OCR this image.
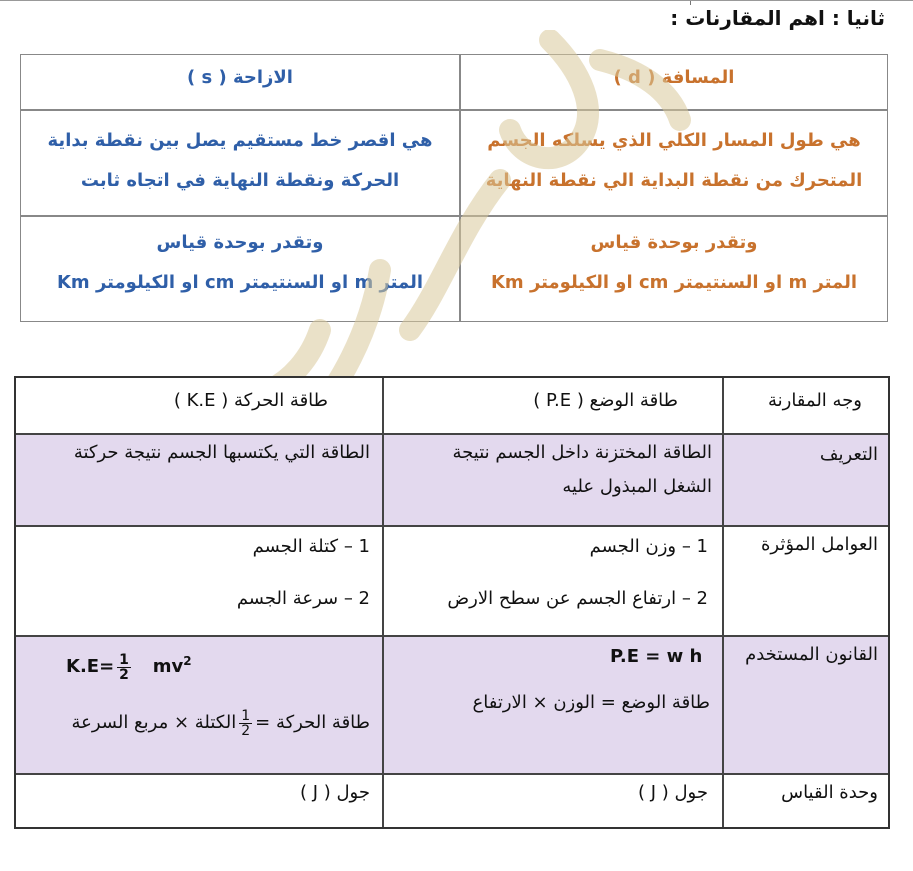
ثانيا : اهم المقارنات :
الازاحة ( s )	المسافة ( d )
هي اقصر خط مستقيم يصل بين نقطة بداية
الحركة ونقطة النهاية في اتجاه ثابت
هي طول المسار الكلي الذي يسلكه الجسم
المتحرك من نقطة البداية الي نقطة النهاية
وتقدر بوحدة قياس
المتر m او السنتيمتر cm او الكيلومتر Km
وتقدر بوحدة قياس
المتر m او السنتيمتر cm او الكيلومتر Km
وجه المقارنة
طاقة الوضع ( P.E )
طاقة الحركة ( K.E )
التعريف
الطاقة المختزنة داخل الجسم نتيجة
الشغل المبذول عليه
الطاقة التي يكتسبها الجسم نتيجة حركتة
العوامل المؤثرة
1 – وزن الجسم
2 – ارتفاع الجسم عن سطح الارض
1 – كتلة الجسم
2 – سرعة الجسم
القانون المستخدم
P.E = w h
طاقة الوضع = الوزن × الارتفاع
$K.E= \frac{1}{2} mv^2$
طاقة الحركة =
$\frac{1}{2}$
الكتلة × مربع السرعة
وحدة القياس
جول ( J )
جول ( J )
